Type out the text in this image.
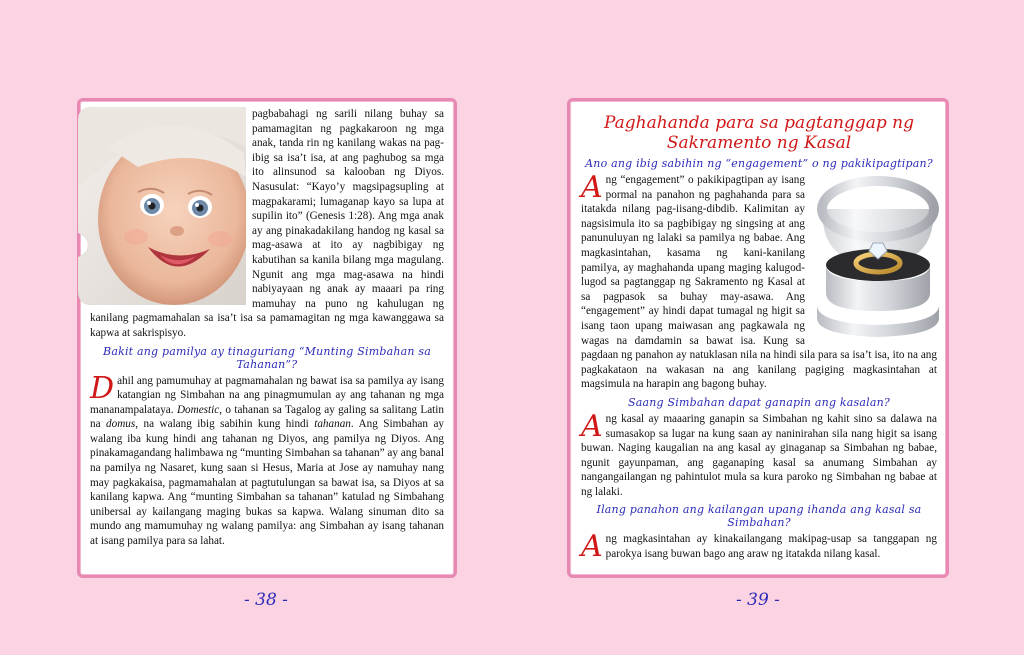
pagbabahagi ng sarili nilang buhay sa pamamagitan ng pagkakaroon ng mga anak, tanda rin ng kanilang wakas na pag-ibig sa isa’t isa, at ang paghubog sa mga ito alinsunod sa kalooban ng Diyos. Nasusulat: “Kayo’y magsipagsupling at magpakarami; lumaganap kayo sa lupa at supilin ito” (Genesis 1:28). Ang mga anak ay ang pinakadakilang handog ng kasal sa mag-asawa at ito ay nagbibigay ng kabutihan sa kanila bilang mga magulang. Ngunit ang mga mag-asawa na hindi nabiyayaan ng anak ay maaari pa ring mamuhay na puno ng kahulugan ng kanilang pagmamahalan sa isa’t isa sa pamamagitan ng mga kawanggawa sa kapwa at sakrispisyo.

Bakit ang pamilya ay tinaguriang “Munting Simbahan sa Tahanan”?

Dahil ang pamumuhay at pagmamahalan ng bawat isa sa pamilya ay isang katangian ng Simbahan na ang pinagmumulan ay ang tahanan ng mga mananampalataya. Domestic, o tahanan sa Tagalog ay galing sa salitang Latin na domus, na walang ibig sabihin kung hindi tahanan. Ang Simbahan ay walang iba kung hindi ang tahanan ng Diyos, ang pamilya ng Diyos. Ang pinakamagandang halimbawa ng “munting Simbahan sa tahanan” ay ang banal na pamilya ng Nasaret, kung saan si Hesus, Maria at Jose ay namuhay nang may pagkakaisa, pagmamahalan at pagtutulungan sa bawat isa, sa Diyos at sa kanilang kapwa. Ang “munting Simbahan sa tahanan” katulad ng Simbahang unibersal ay kailangang maging bukas sa kapwa. Walang sinuman dito sa mundo ang mamumuhay ng walang pamilya: ang Simbahan ay isang tahanan at isang pamilya para sa lahat.

Paghahanda para sa pagtanggap ng
Sakramento ng Kasal
Ano ang ibig sabihin ng “engagement” o ng pakikipagtipan?

Ang “engagement” o pakikipagtipan ay isang pormal na panahon ng paghahanda para sa itatakda nilang pag-iisang-dibdib. Kalimitan ay nagsisimula ito sa pagbibigay ng singsing at ang panunuluyan ng lalaki sa pamilya ng babae. Ang magkasintahan, kasama ng kani-kanilang pamilya, ay maghahanda upang maging kalugod-lugod sa pagtanggap ng Sakramento ng Kasal at sa pagpasok sa buhay may-asawa. Ang “engagement” ay hindi dapat tumagal ng higit sa isang taon upang maiwasan ang pagkawala ng wagas na damdamin sa bawat isa. Kung sa pagdaan ng panahon ay natuklasan nila na hindi sila para sa isa’t isa, ito na ang pagkakataon na wakasan na ang kanilang pagiging magkasintahan at magsimula na harapin ang bagong buhay.

Saang Simbahan dapat ganapin ang kasalan?

Ang kasal ay maaaring ganapin sa Simbahan ng kahit sino sa dalawa na sumasakop sa lugar na kung saan ay naninirahan sila nang higit sa isang buwan. Naging kaugalian na ang kasal ay ginaganap sa Simbahan ng babae, ngunit gayunpaman, ang gaganaping kasal sa anumang Simbahan ay nangangailangan ng pahintulot mula sa kura paroko ng Simbahan ng babae at ng lalaki.

Ilang panahon ang kailangan upang ihanda ang kasal sa Simbahan?

Ang magkasintahan ay kinakailangang makipag-usap sa tanggapan ng parokya isang buwan bago ang araw ng itatakda nilang kasal.

- 38 -	- 39 -
